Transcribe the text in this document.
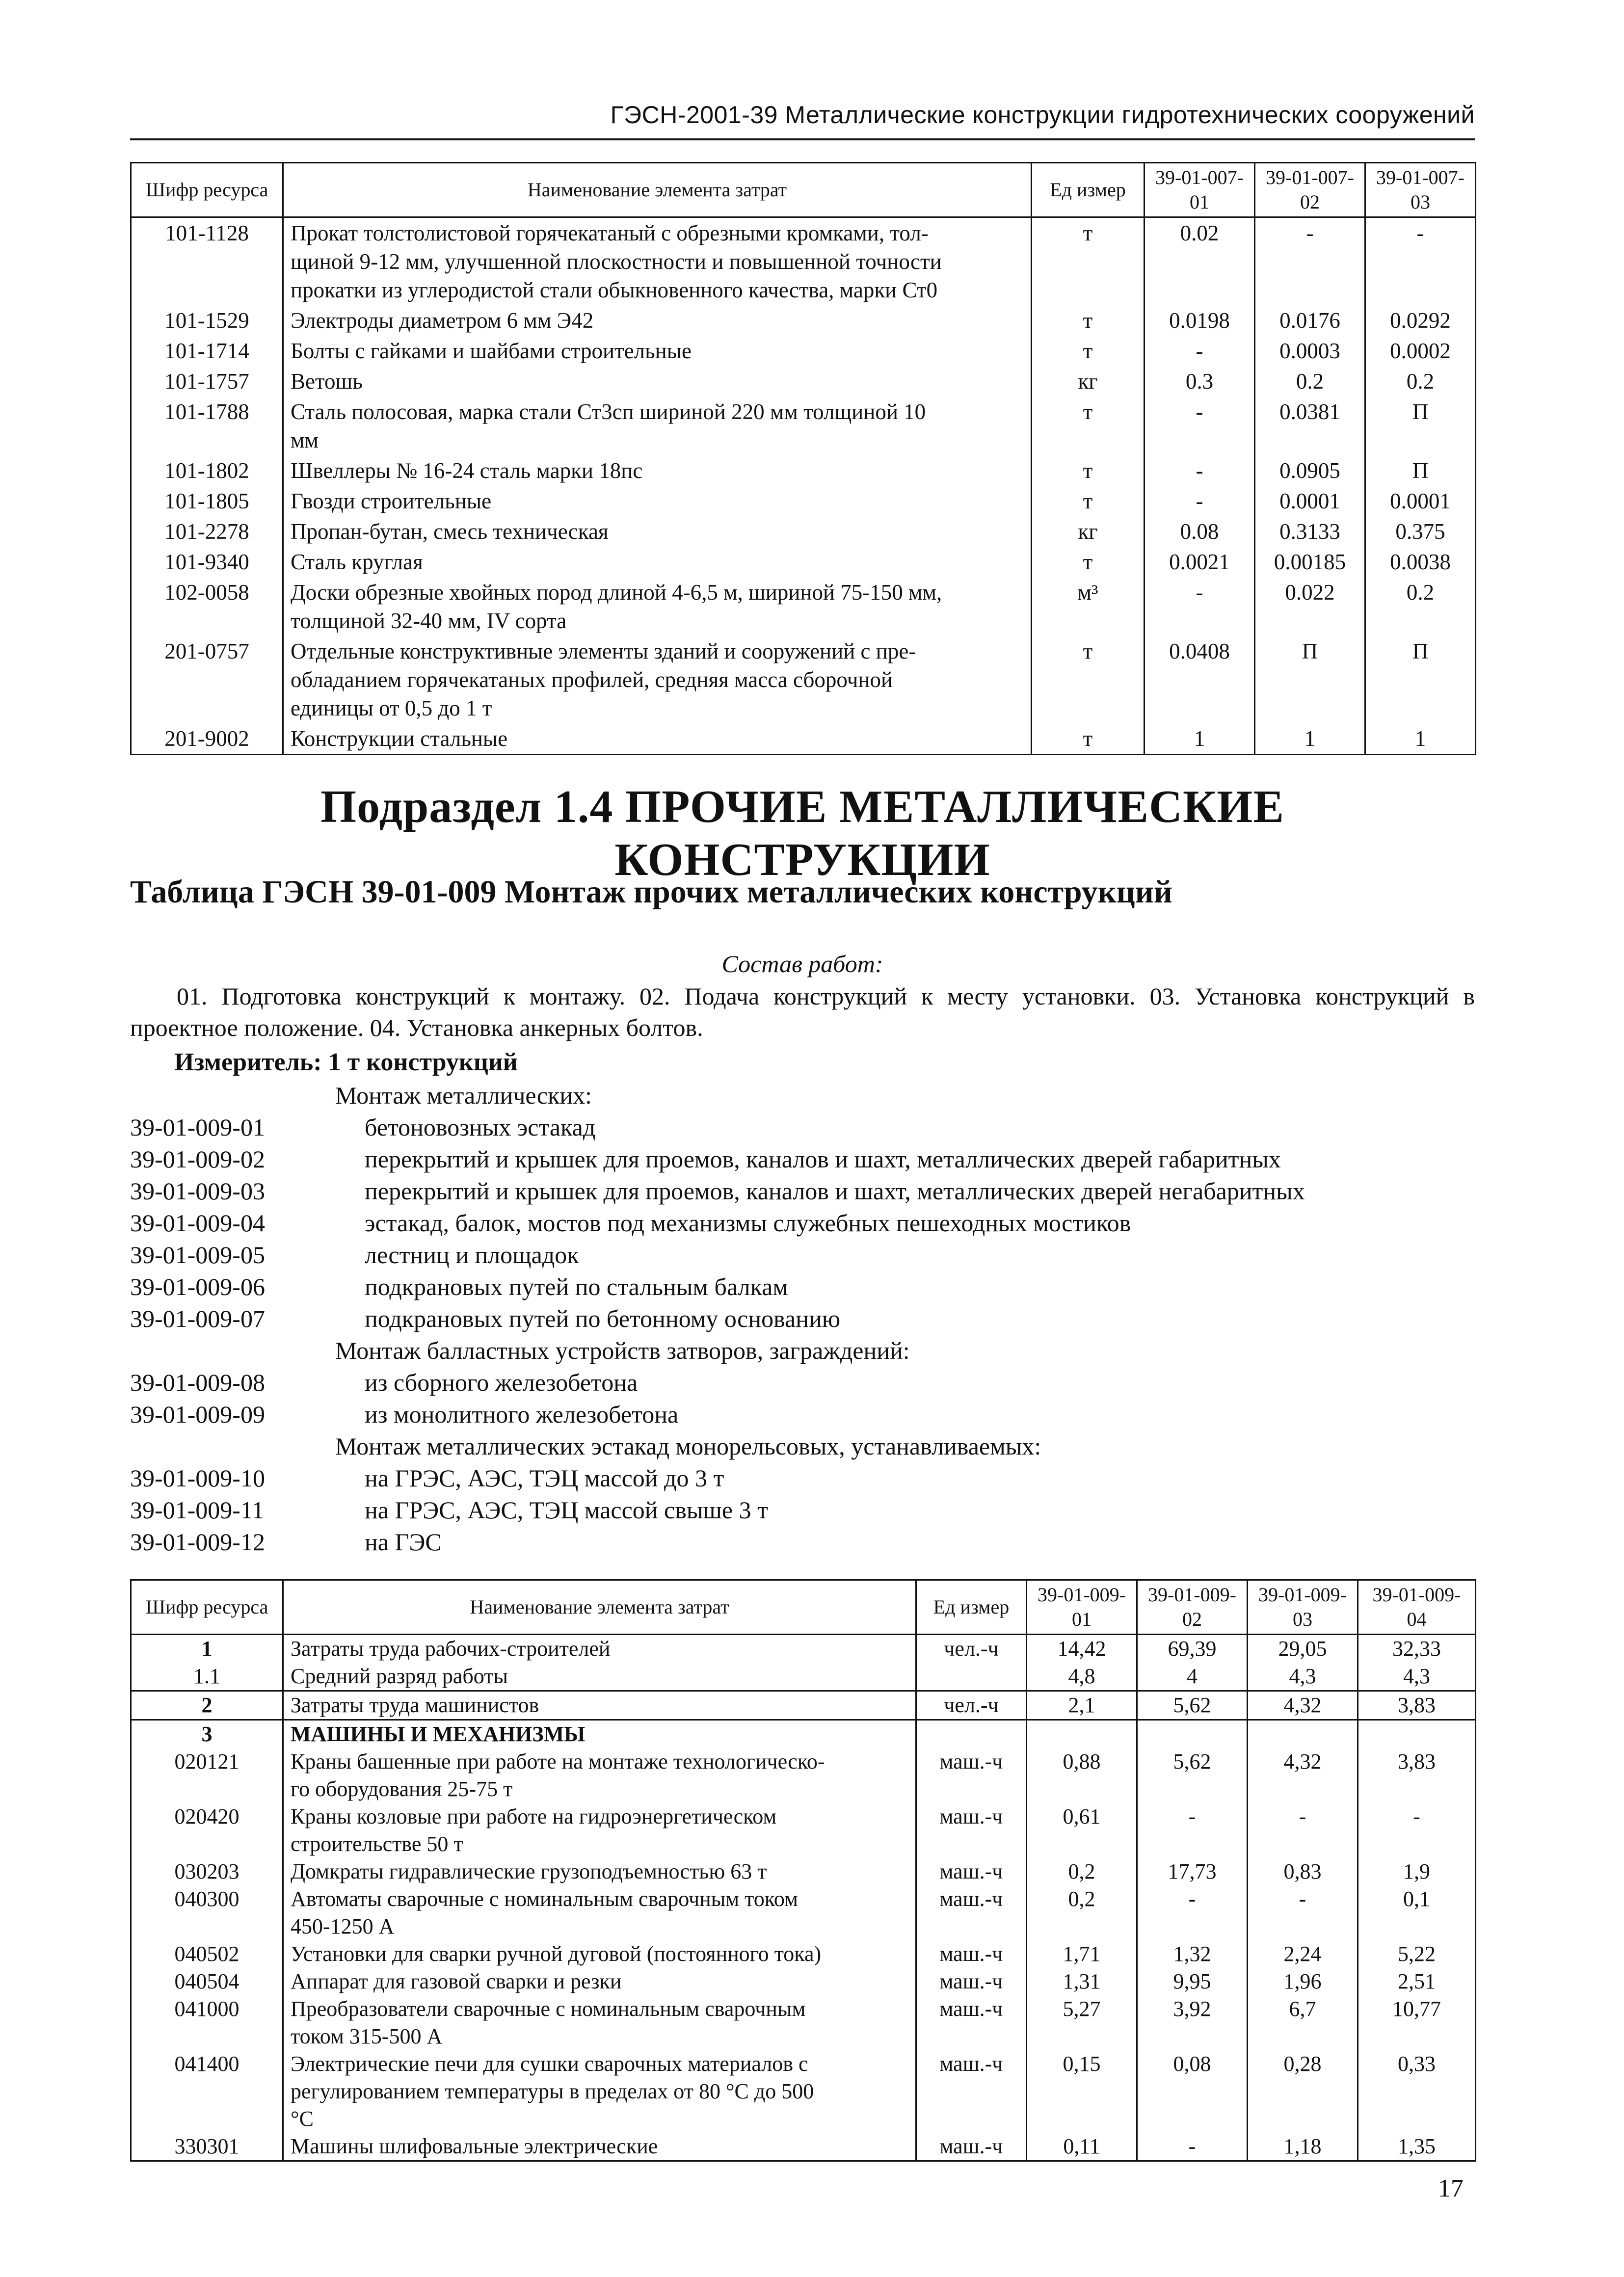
ГЭСН-2001-39 Металлические конструкции гидротехнических сооружений
Шифр ресурса	Наименование элемента затрат	Ед измер	39-01-007-01	39-01-007-02	39-01-007-03
101-1128	Прокат толстолистовой горячекатаный с обрезными кромками, тол-
щиной 9-12 мм, улучшенной плоскостности и повышенной точности
прокатки из углеродистой стали обыкновенного качества, марки Ст0	т	0.02	-	-
101-1529	Электроды диаметром 6 мм Э42	т	0.0198	0.0176	0.0292
101-1714	Болты с гайками и шайбами строительные	т	-	0.0003	0.0002
101-1757	Ветошь	кг	0.3	0.2	0.2
101-1788	Сталь полосовая, марка стали Ст3сп шириной 220 мм толщиной 10
мм	т	-	0.0381	П
101-1802	Швеллеры № 16-24 сталь марки 18пс	т	-	0.0905	П
101-1805	Гвозди строительные	т	-	0.0001	0.0001
101-2278	Пропан-бутан, смесь техническая	кг	0.08	0.3133	0.375
101-9340	Сталь круглая	т	0.0021	0.00185	0.0038
102-0058	Доски обрезные хвойных пород длиной 4-6,5 м, шириной 75-150 мм,
толщиной 32-40 мм, IV сорта	м³	-	0.022	0.2
201-0757	Отдельные конструктивные элементы зданий и сооружений с пре-
обладанием горячекатаных профилей, средняя масса сборочной
единицы от 0,5 до 1 т	т	0.0408	П	П
201-9002	Конструкции стальные	т	1	1	1
Подраздел 1.4 ПРОЧИЕ МЕТАЛЛИЧЕСКИЕ КОНСТРУКЦИИ
Таблица ГЭСН 39-01-009 Монтаж прочих металлических конструкций
Состав работ:
01. Подготовка конструкций к монтажу. 02. Подача конструкций к месту установки. 03. Установка конструкций в проектное положение. 04. Установка анкерных болтов.
Измеритель: 1 т конструкций
Монтаж металлических:
39-01-009-01	бетоновозных эстакад
39-01-009-02	перекрытий и крышек для проемов, каналов и шахт, металлических дверей габаритных
39-01-009-03	перекрытий и крышек для проемов, каналов и шахт, металлических дверей негабаритных
39-01-009-04	эстакад, балок, мостов под механизмы служебных пешеходных мостиков
39-01-009-05	лестниц и площадок
39-01-009-06	подкрановых путей по стальным балкам
39-01-009-07	подкрановых путей по бетонному основанию
Монтаж балластных устройств затворов, заграждений:
39-01-009-08	из сборного железобетона
39-01-009-09	из монолитного железобетона
Монтаж металлических эстакад монорельсовых, устанавливаемых:
39-01-009-10	на ГРЭС, АЭС, ТЭЦ массой до 3 т
39-01-009-11	на ГРЭС, АЭС, ТЭЦ массой свыше 3 т
39-01-009-12	на ГЭС
Шифр ресурса	Наименование элемента затрат	Ед измер	39-01-009-01	39-01-009-02	39-01-009-03	39-01-009-04
1	Затраты труда рабочих-строителей	чел.-ч	14,42	69,39	29,05	32,33
1.1	Средний разряд работы		4,8	4	4,3	4,3
2	Затраты труда машинистов	чел.-ч	2,1	5,62	4,32	3,83
3	МАШИНЫ И МЕХАНИЗМЫ					

020121	Краны башенные при работе на монтаже технологическо-
го оборудования 25-75 т	маш.-ч	0,88	5,62	4,32	3,83
020420	Краны козловые при работе на гидроэнергетическом
строительстве 50 т	маш.-ч	0,61	-	-	-
030203	Домкраты гидравлические грузоподъемностью 63 т	маш.-ч	0,2	17,73	0,83	1,9
040300	Автоматы сварочные с номинальным сварочным током
450-1250 А	маш.-ч	0,2	-	-	0,1
040502	Установки для сварки ручной дуговой (постоянного тока)	маш.-ч	1,71	1,32	2,24	5,22
040504	Аппарат для газовой сварки и резки	маш.-ч	1,31	9,95	1,96	2,51
041000	Преобразователи сварочные с номинальным сварочным
током 315-500 А	маш.-ч	5,27	3,92	6,7	10,77
041400	Электрические печи для сушки сварочных материалов с
регулированием температуры в пределах от 80 °С до 500
°С	маш.-ч	0,15	0,08	0,28	0,33
330301	Машины шлифовальные электрические	маш.-ч	0,11	-	1,18	1,35
17
